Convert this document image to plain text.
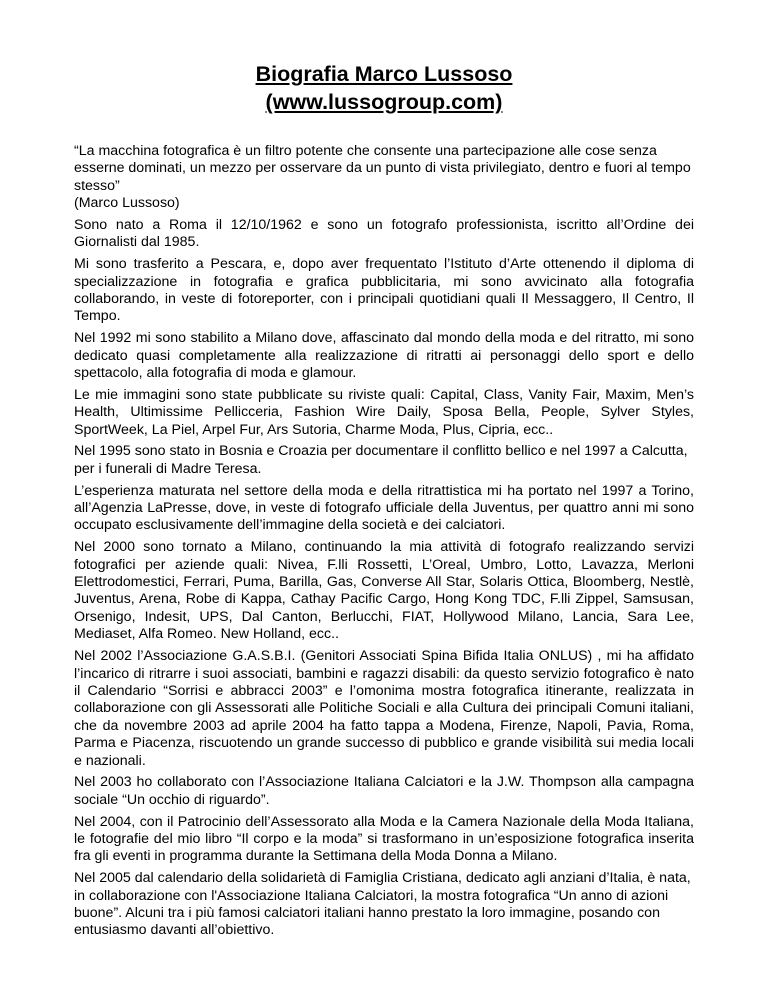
Biografia Marco Lussoso
(www.lussogroup.com)

“La macchina fotografica è un filtro potente che consente una partecipazione alle cose senza esserne dominati, un mezzo per osservare da un punto di vista privilegiato, dentro e fuori al tempo stesso”

(Marco Lussoso)

Sono nato a Roma il 12/10/1962 e sono un fotografo professionista, iscritto all’Ordine dei Giornalisti dal 1985.

Mi sono trasferito a Pescara, e, dopo aver frequentato l’Istituto d’Arte ottenendo il diploma di specializzazione in fotografia e grafica pubblicitaria, mi sono avvicinato alla fotografia collaborando, in veste di fotoreporter, con i principali quotidiani quali Il Messaggero, Il Centro, Il Tempo.

Nel 1992 mi sono stabilito a Milano dove, affascinato dal mondo della moda e del ritratto, mi sono dedicato quasi completamente alla realizzazione di ritratti ai personaggi dello sport e dello spettacolo, alla fotografia di moda e glamour.

Le mie immagini sono state pubblicate su riviste quali: Capital, Class, Vanity Fair, Maxim, Men’s Health, Ultimissime Pellicceria, Fashion Wire Daily, Sposa Bella, People, Sylver Styles, SportWeek, La Piel, Arpel Fur, Ars Sutoria, Charme Moda, Plus, Cipria, ecc..

Nel 1995 sono stato in Bosnia e Croazia per documentare il conflitto bellico e nel 1997 a Calcutta,

per i funerali di Madre Teresa.

L’esperienza maturata nel settore della moda e della ritrattistica mi ha portato nel 1997 a Torino, all’Agenzia LaPresse, dove, in veste di fotografo ufficiale della Juventus, per quattro anni mi sono occupato esclusivamente dell’immagine della società e dei calciatori.

Nel 2000 sono tornato a Milano, continuando la mia attività di fotografo realizzando servizi fotografici per aziende quali: Nivea, F.lli Rossetti, L’Oreal, Umbro, Lotto, Lavazza, Merloni Elettrodomestici, Ferrari, Puma, Barilla, Gas, Converse All Star, Solaris Ottica, Bloomberg, Nestlè, Juventus, Arena, Robe di Kappa, Cathay Pacific Cargo, Hong Kong TDC, F.lli Zippel, Samsusan, Orsenigo, Indesit, UPS, Dal Canton, Berlucchi, FIAT, Hollywood Milano, Lancia, Sara Lee, Mediaset, Alfa Romeo. New Holland, ecc..

Nel 2002 l’Associazione G.A.S.B.I. (Genitori Associati Spina Bifida Italia ONLUS) , mi ha affidato l’incarico di ritrarre i suoi associati, bambini e ragazzi disabili: da questo servizio fotografico è nato il Calendario “Sorrisi e abbracci 2003” e l’omonima mostra fotografica itinerante, realizzata in collaborazione con gli Assessorati alle Politiche Sociali e alla Cultura dei principali Comuni italiani, che da novembre 2003 ad aprile 2004 ha fatto tappa a Modena, Firenze, Napoli, Pavia, Roma, Parma e Piacenza, riscuotendo un grande successo di pubblico e grande visibilità sui media locali e nazionali.

Nel 2003 ho collaborato con l’Associazione Italiana Calciatori e la J.W. Thompson alla campagna sociale “Un occhio di riguardo”.

Nel 2004, con il Patrocinio dell’Assessorato alla Moda e la Camera Nazionale della Moda Italiana, le fotografie del mio libro “Il corpo e la moda” si trasformano in un’esposizione fotografica inserita fra gli eventi in programma durante la Settimana della Moda Donna a Milano.

Nel 2005 dal calendario della solidarietà di Famiglia Cristiana, dedicato agli anziani d’Italia, è nata, in collaborazione con l'Associazione Italiana Calciatori, la mostra fotografica “Un anno di azioni buone”. Alcuni tra i più famosi calciatori italiani hanno prestato la loro immagine, posando con entusiasmo davanti all’obiettivo.
